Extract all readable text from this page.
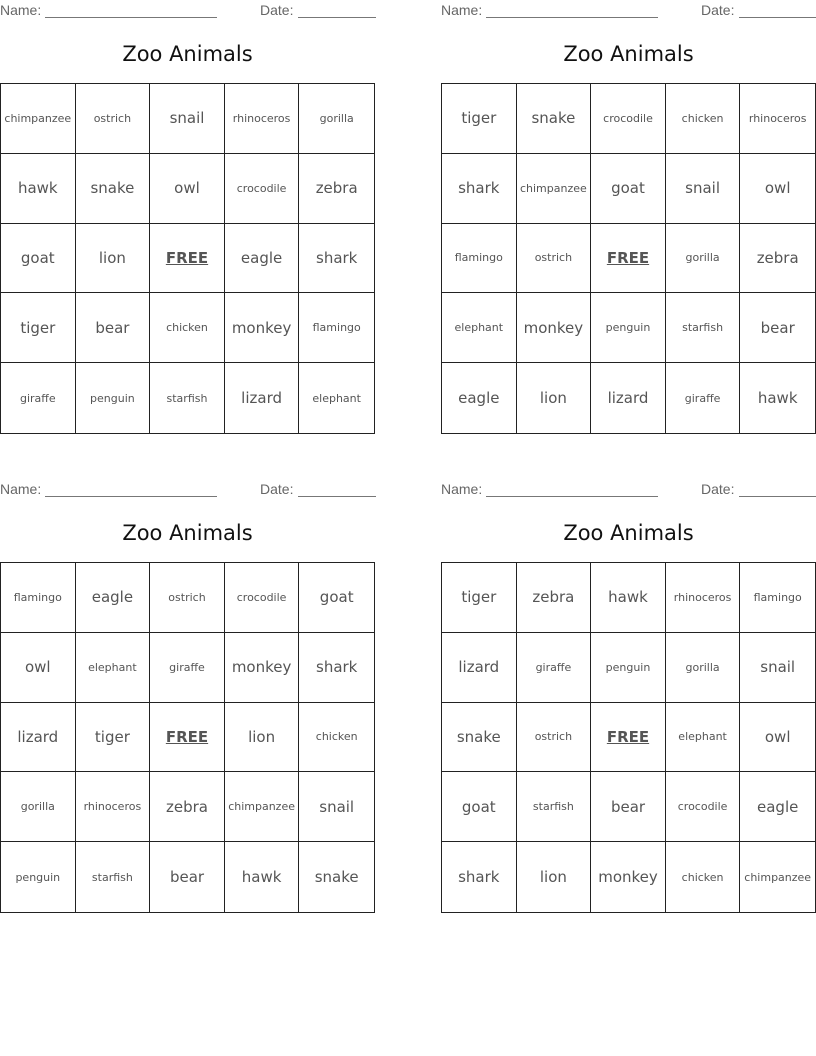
Name:	Date:
Zoo Animals
chimpanzee	ostrich	snail	rhinoceros	gorilla
hawk	snake	owl	crocodile	zebra
goat	lion	FREE	eagle	shark
tiger	bear	chicken	monkey	flamingo
giraffe	penguin	starfish	lizard	elephant
Name:	Date:
Zoo Animals
tiger	snake	crocodile	chicken	rhinoceros
shark	chimpanzee	goat	snail	owl
flamingo	ostrich	FREE	gorilla	zebra
elephant	monkey	penguin	starfish	bear
eagle	lion	lizard	giraffe	hawk
Name:	Date:
Zoo Animals
flamingo	eagle	ostrich	crocodile	goat
owl	elephant	giraffe	monkey	shark
lizard	tiger	FREE	lion	chicken
gorilla	rhinoceros	zebra	chimpanzee	snail
penguin	starfish	bear	hawk	snake
Name:	Date:
Zoo Animals
tiger	zebra	hawk	rhinoceros	flamingo
lizard	giraffe	penguin	gorilla	snail
snake	ostrich	FREE	elephant	owl
goat	starfish	bear	crocodile	eagle
shark	lion	monkey	chicken	chimpanzee
